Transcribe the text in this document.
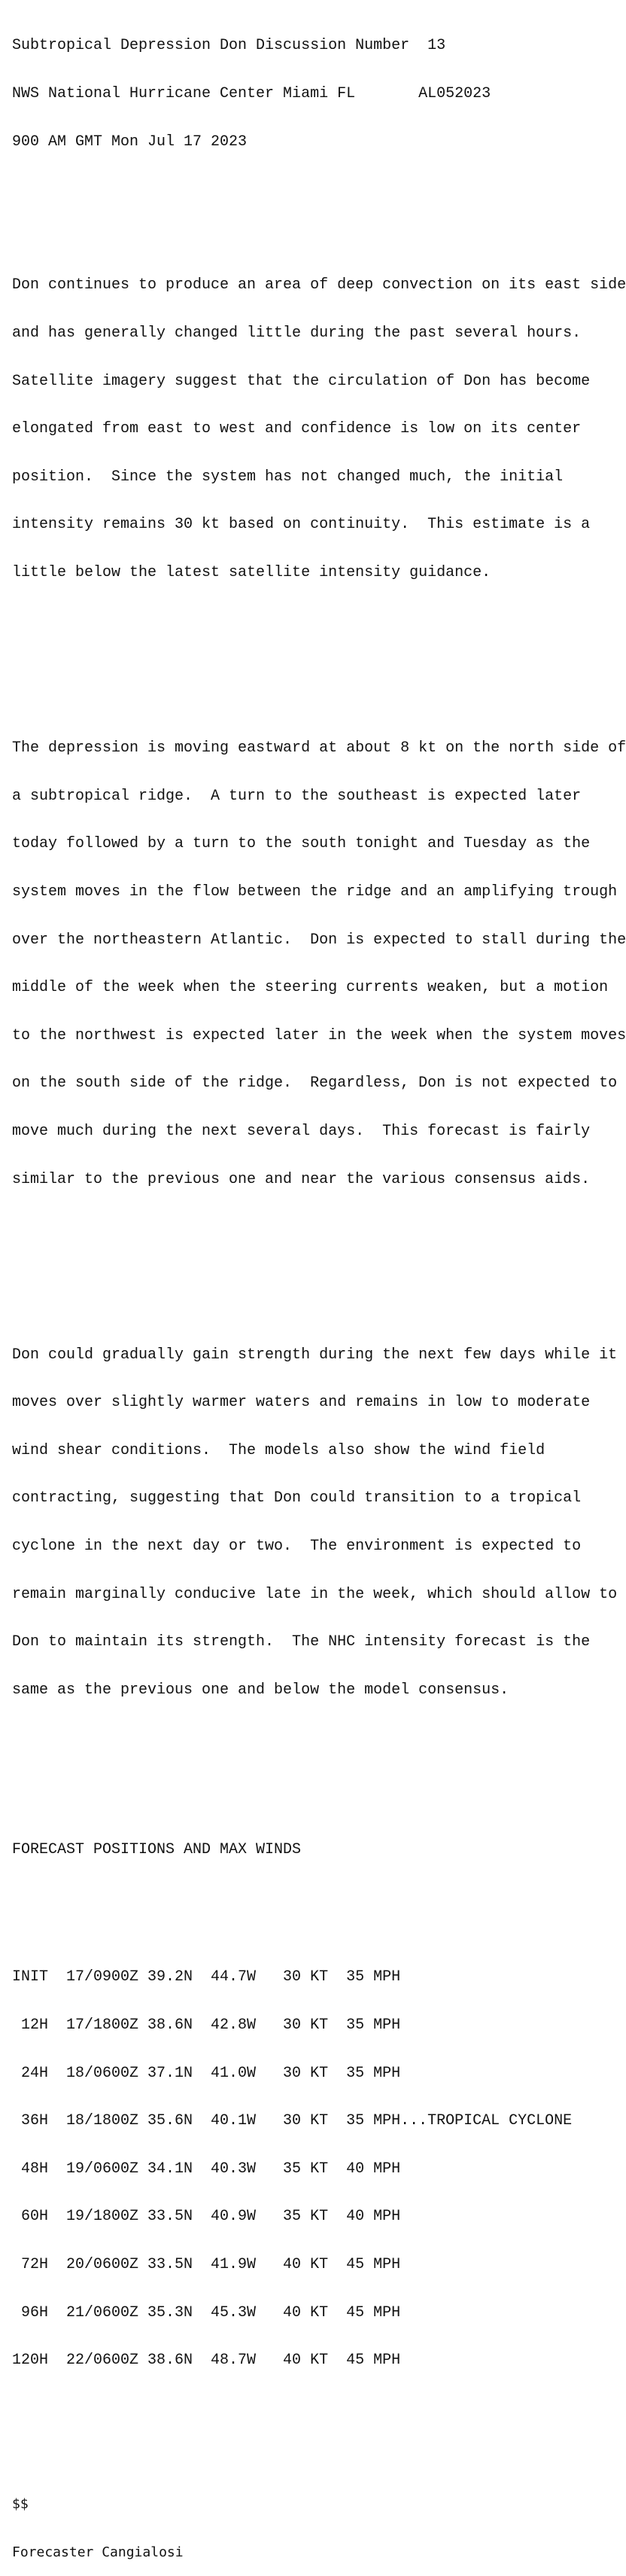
Subtropical Depression Don Discussion Number  13

NWS National Hurricane Center Miami FL       AL052023

900 AM GMT Mon Jul 17 2023

Don continues to produce an area of deep convection on its east side

and has generally changed little during the past several hours.

Satellite imagery suggest that the circulation of Don has become

elongated from east to west and confidence is low on its center

position.  Since the system has not changed much, the initial

intensity remains 30 kt based on continuity.  This estimate is a

little below the latest satellite intensity guidance.

The depression is moving eastward at about 8 kt on the north side of

a subtropical ridge.  A turn to the southeast is expected later

today followed by a turn to the south tonight and Tuesday as the

system moves in the flow between the ridge and an amplifying trough

over the northeastern Atlantic.  Don is expected to stall during the

middle of the week when the steering currents weaken, but a motion

to the northwest is expected later in the week when the system moves

on the south side of the ridge.  Regardless, Don is not expected to

move much during the next several days.  This forecast is fairly

similar to the previous one and near the various consensus aids.

Don could gradually gain strength during the next few days while it

moves over slightly warmer waters and remains in low to moderate

wind shear conditions.  The models also show the wind field

contracting, suggesting that Don could transition to a tropical

cyclone in the next day or two.  The environment is expected to

remain marginally conducive late in the week, which should allow to

Don to maintain its strength.  The NHC intensity forecast is the

same as the previous one and below the model consensus.

FORECAST POSITIONS AND MAX WINDS

INIT  17/0900Z 39.2N  44.7W   30 KT  35 MPH

12H  17/1800Z 38.6N  42.8W   30 KT  35 MPH

24H  18/0600Z 37.1N  41.0W   30 KT  35 MPH

36H  18/1800Z 35.6N  40.1W   30 KT  35 MPH...TROPICAL CYCLONE

48H  19/0600Z 34.1N  40.3W   35 KT  40 MPH

60H  19/1800Z 33.5N  40.9W   35 KT  40 MPH

72H  20/0600Z 33.5N  41.9W   40 KT  45 MPH

96H  21/0600Z 35.3N  45.3W   40 KT  45 MPH

120H  22/0600Z 38.6N  48.7W   40 KT  45 MPH

$$

Forecaster Cangialosi
